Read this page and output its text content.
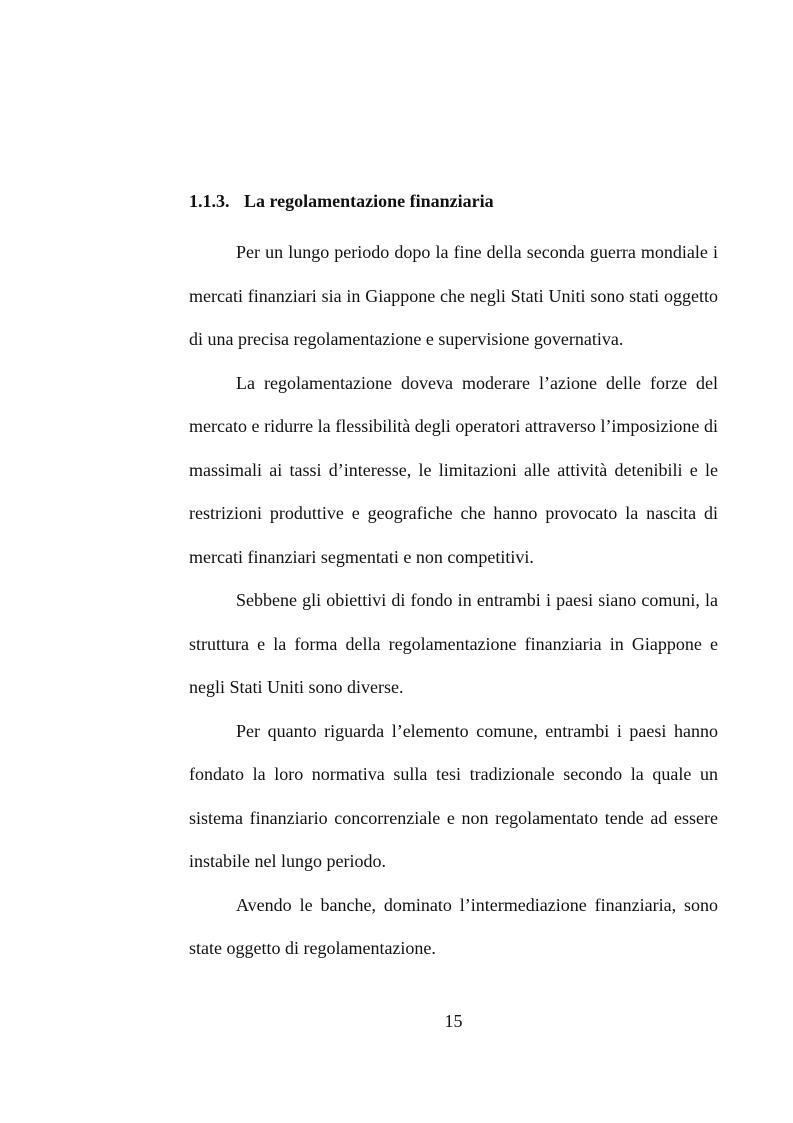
1.1.3. La regolamentazione finanziaria

Per un lungo periodo dopo la fine della seconda guerra mondiale i mercati finanziari sia in Giappone che negli Stati Uniti sono stati oggetto di una precisa regolamentazione e supervisione governativa.

La regolamentazione doveva moderare l’azione delle forze del mercato e ridurre la flessibilità degli operatori attraverso l’imposizione di massimali ai tassi d’interesse, le limitazioni alle attività detenibili e le restrizioni produttive e geografiche che hanno provocato la nascita di mercati finanziari segmentati e non competitivi.

Sebbene gli obiettivi di fondo in entrambi i paesi siano comuni, la struttura e la forma della regolamentazione finanziaria in Giappone e negli Stati Uniti sono diverse.

Per quanto riguarda l’elemento comune, entrambi i paesi hanno fondato la loro normativa sulla tesi tradizionale secondo la quale un sistema finanziario concorrenziale e non regolamentato tende ad essere instabile nel lungo periodo.

Avendo le banche, dominato l’intermediazione finanziaria, sono state oggetto di regolamentazione.

15
